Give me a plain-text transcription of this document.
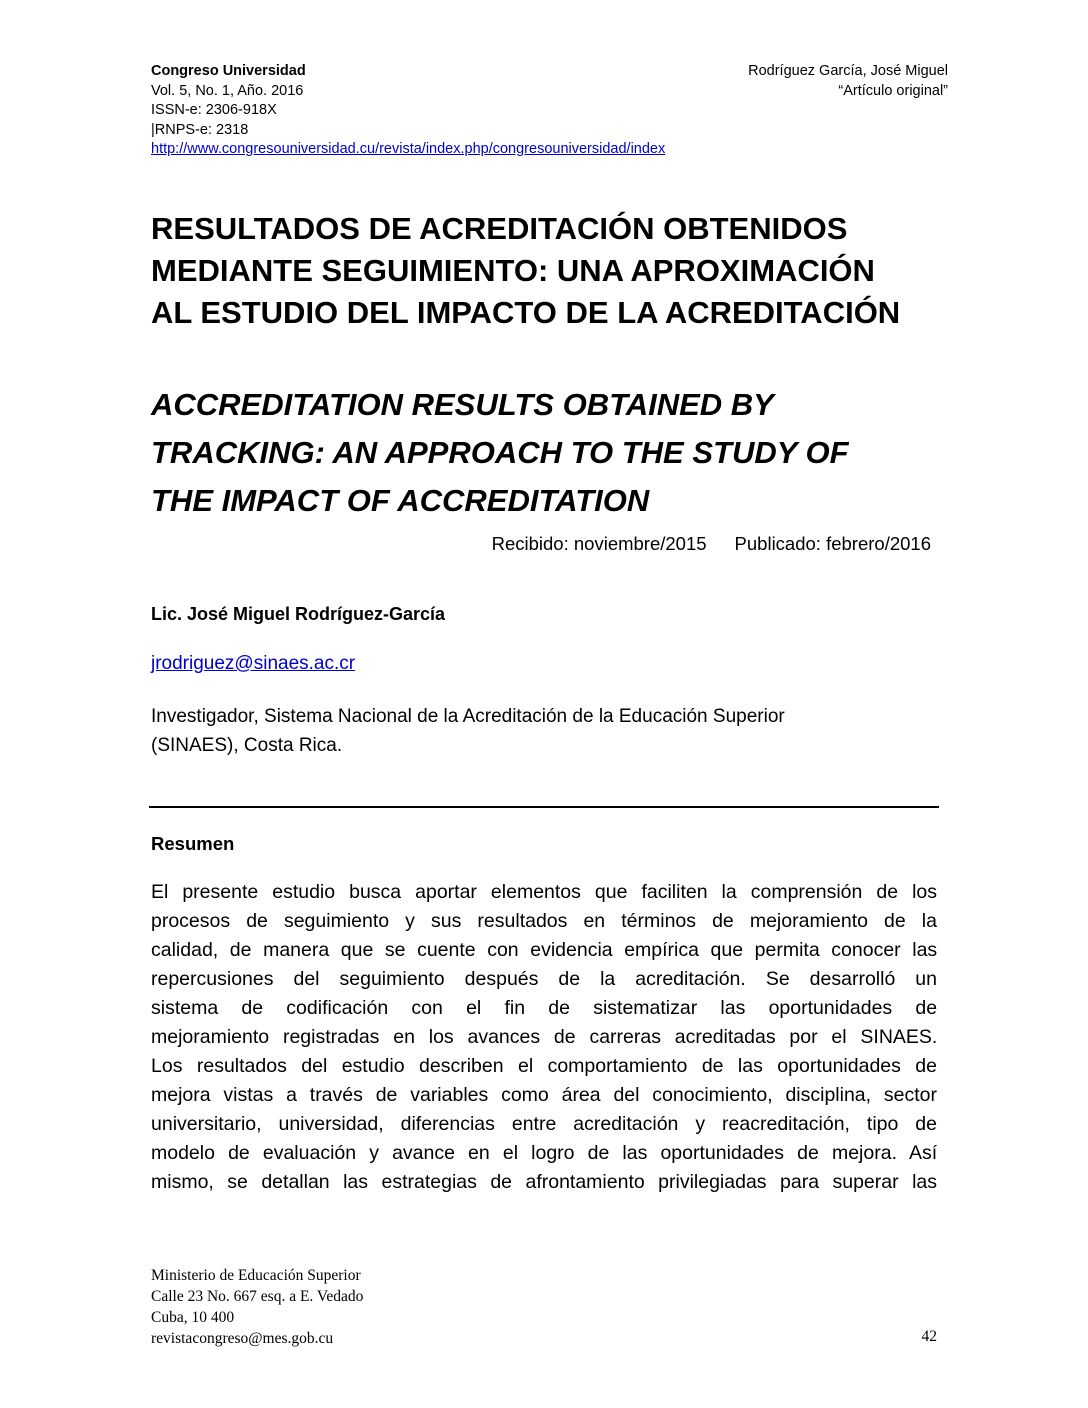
Congreso Universidad
Vol. 5, No. 1, Año. 2016
ISSN-e: 2306-918X
|RNPS-e: 2318
http://www.congresouniversidad.cu/revista/index.php/congresouniversidad/index
Rodríguez García, José Miguel
“Artículo original”
RESULTADOS DE ACREDITACIÓN OBTENIDOS
MEDIANTE SEGUIMIENTO: UNA APROXIMACIÓN
AL ESTUDIO DEL IMPACTO DE LA ACREDITACIÓN
ACCREDITATION RESULTS OBTAINED BY
TRACKING: AN APPROACH TO THE STUDY OF
THE IMPACT OF ACCREDITATION
Recibido: noviembre/2015 Publicado: febrero/2016
Lic. José Miguel Rodríguez-García
jrodriguez@sinaes.ac.cr
Investigador, Sistema Nacional de la Acreditación de la Educación Superior
(SINAES), Costa Rica.
Resumen
El presente estudio busca aportar elementos que faciliten la comprensión de los
procesos de seguimiento y sus resultados en términos de mejoramiento de la
calidad, de manera que se cuente con evidencia empírica que permita conocer las
repercusiones del seguimiento después de la acreditación. Se desarrolló un
sistema de codificación con el fin de sistematizar las oportunidades de
mejoramiento registradas en los avances de carreras acreditadas por el SINAES.
Los resultados del estudio describen el comportamiento de las oportunidades de
mejora vistas a través de variables como área del conocimiento, disciplina, sector
universitario, universidad, diferencias entre acreditación y reacreditación, tipo de
modelo de evaluación y avance en el logro de las oportunidades de mejora. Así
mismo, se detallan las estrategias de afrontamiento privilegiadas para superar las
Ministerio de Educación Superior
Calle 23 No. 667 esq. a E. Vedado
Cuba, 10 400
revistacongreso@mes.gob.cu	42
